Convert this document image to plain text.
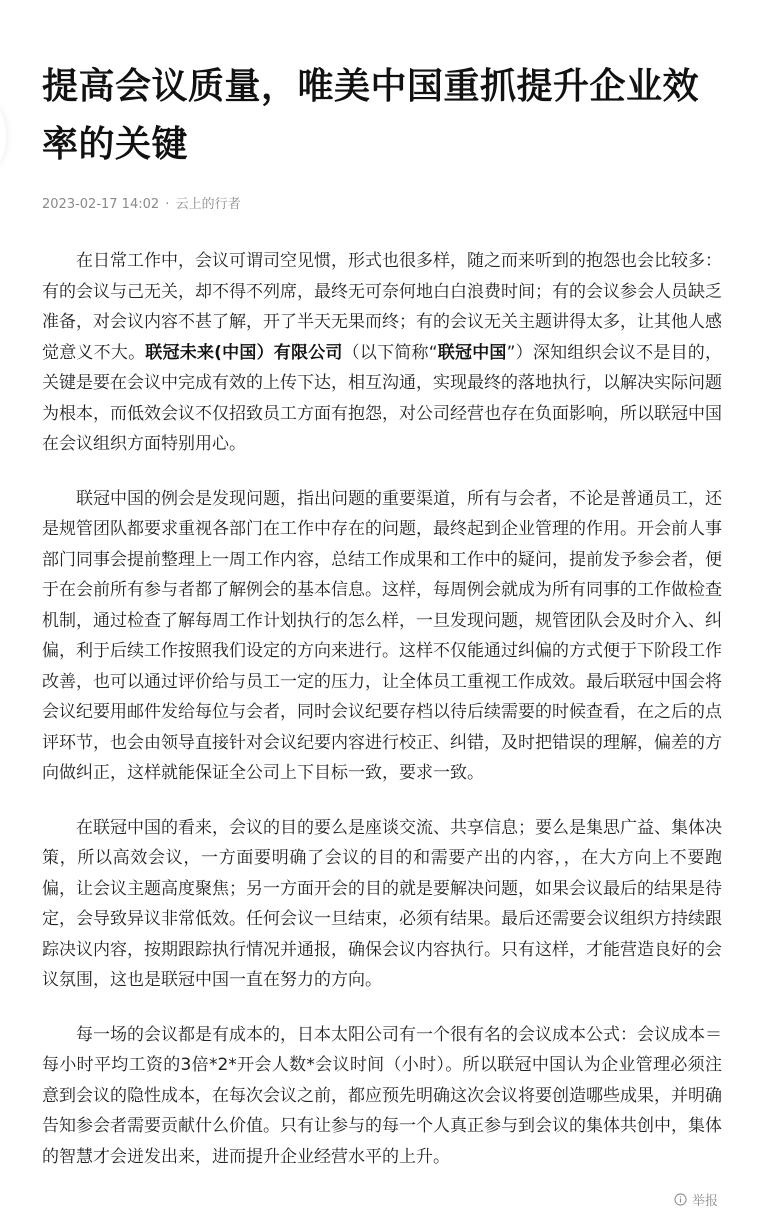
提高会议质量，唯美中国重抓提升企业效率的关键
2023-02-17 14:02 · 云上的行者

在日常工作中，会议可谓司空见惯，形式也很多样，随之而来听到的抱怨也会比较多：有的会议与己无关，却不得不列席，最终无可奈何地白白浪费时间；有的会议参会人员缺乏准备，对会议内容不甚了解，开了半天无果而终；有的会议无关主题讲得太多，让其他人感觉意义不大。联冠未来(中国）有限公司（以下简称“联冠中国”）深知组织会议不是目的，关键是要在会议中完成有效的上传下达，相互沟通，实现最终的落地执行，以解决实际问题为根本，而低效会议不仅招致员工方面有抱怨，对公司经营也存在负面影响，所以联冠中国在会议组织方面特别用心。

联冠中国的例会是发现问题，指出问题的重要渠道，所有与会者，不论是普通员工，还是规管团队都要求重视各部门在工作中存在的问题，最终起到企业管理的作用。开会前人事部门同事会提前整理上一周工作内容，总结工作成果和工作中的疑问，提前发予参会者，便于在会前所有参与者都了解例会的基本信息。这样，每周例会就成为所有同事的工作做检查机制，通过检查了解每周工作计划执行的怎么样，一旦发现问题，规管团队会及时介入、纠偏，利于后续工作按照我们设定的方向来进行。这样不仅能通过纠偏的方式便于下阶段工作改善，也可以通过评价给与员工一定的压力，让全体员工重视工作成效。最后联冠中国会将会议纪要用邮件发给每位与会者，同时会议纪要存档以待后续需要的时候查看，在之后的点评环节，也会由领导直接针对会议纪要内容进行校正、纠错，及时把错误的理解，偏差的方向做纠正，这样就能保证全公司上下目标一致，要求一致。

在联冠中国的看来，会议的目的要么是座谈交流、共享信息；要么是集思广益、集体决策，所以高效会议，一方面要明确了会议的目的和需要产出的内容，，在大方向上不要跑偏，让会议主题高度聚焦；另一方面开会的目的就是要解决问题，如果会议最后的结果是待定，会导致异议非常低效。任何会议一旦结束，必须有结果。最后还需要会议组织方持续跟踪决议内容，按期跟踪执行情况并通报，确保会议内容执行。只有这样，才能营造良好的会议氛围，这也是联冠中国一直在努力的方向。

每一场的会议都是有成本的，日本太阳公司有一个很有名的会议成本公式：会议成本＝每小时平均工资的3倍*2*开会人数*会议时间（小时）。所以联冠中国认为企业管理必须注意到会议的隐性成本，在每次会议之前，都应预先明确这次会议将要创造哪些成果，并明确告知参会者需要贡献什么价值。只有让参与的每一个人真正参与到会议的集体共创中，集体的智慧才会迸发出来，进而提升企业经营水平的上升。

举报
